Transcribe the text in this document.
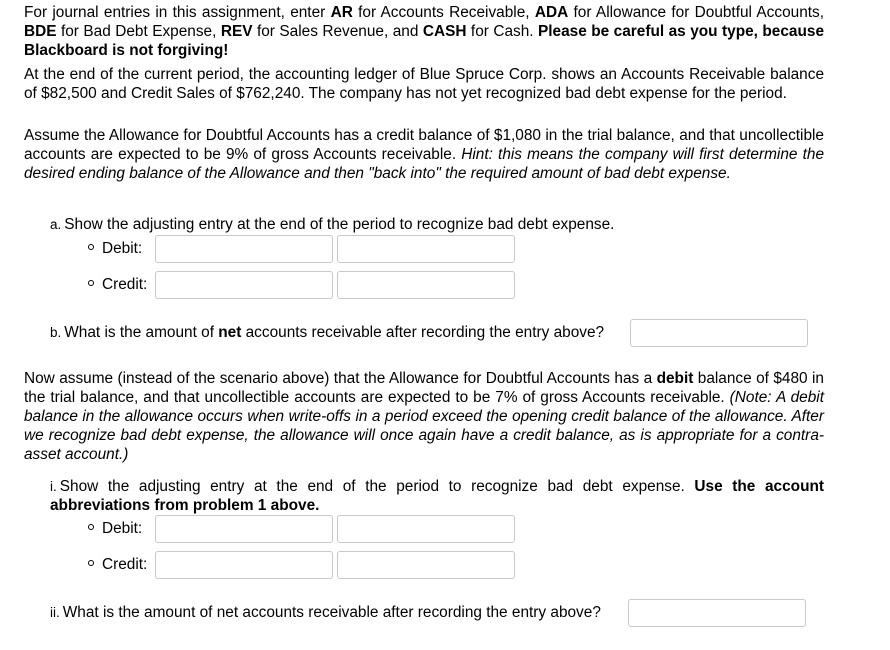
For journal entries in this assignment, enter AR for Accounts Receivable, ADA for Allowance for Doubtful Accounts, BDE for Bad Debt Expense, REV for Sales Revenue, and CASH for Cash. Please be careful as you type, because Blackboard is not forgiving!

At the end of the current period, the accounting ledger of Blue Spruce Corp. shows an Accounts Receivable balance of $82,500 and Credit Sales of $762,240. The company has not yet recognized bad debt expense for the period.

Assume the Allowance for Doubtful Accounts has a credit balance of $1,080 in the trial balance, and that uncollectible accounts are expected to be 9% of gross Accounts receivable. Hint: this means the company will first determine the desired ending balance of the Allowance and then "back into" the required amount of bad debt expense.

a. Show the adjusting entry at the end of the period to recognize bad debt expense.
Debit:
Credit:
b. What is the amount of net accounts receivable after recording the entry above?

Now assume (instead of the scenario above) that the Allowance for Doubtful Accounts has a debit balance of $480 in the trial balance, and that uncollectible accounts are expected to be 7% of gross Accounts receivable. (Note: A debit balance in the allowance occurs when write-offs in a period exceed the opening credit balance of the allowance. After we recognize bad debt expense, the allowance will once again have a credit balance, as is appropriate for a contra-asset account.)

i. Show the adjusting entry at the end of the period to recognize bad debt expense. Use the account abbreviations from problem 1 above.
Debit:
Credit:
ii. What is the amount of net accounts receivable after recording the entry above?
